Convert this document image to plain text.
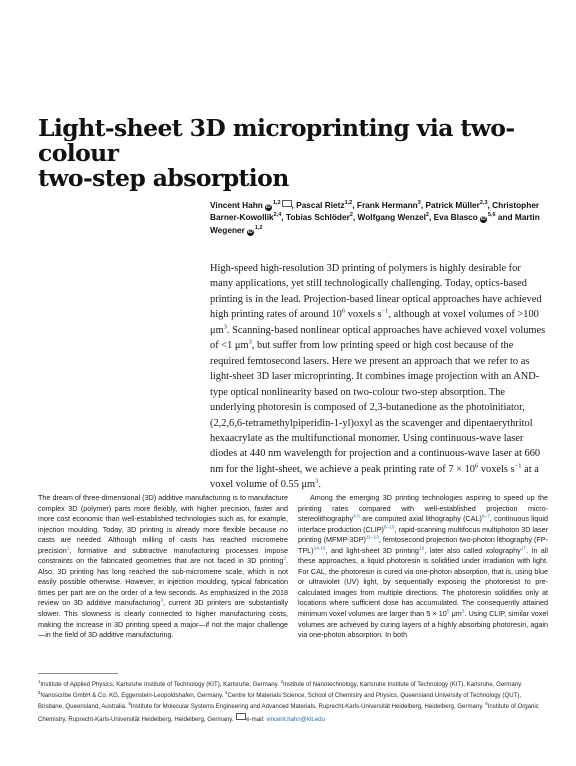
Light-sheet 3D microprinting via two-colour
two-step absorption
Vincent Hahn iD$^{1,2}$ , Pascal Rietz$^{1,2}$, Frank Hermann$^3$, Patrick Müller$^{2,3}$, Christopher Barner-Kowollik$^{2,4}$, Tobias Schlöder$^2$, Wolfgang Wenzel$^2$, Eva Blasco iD$^{5,6}$ and Martin Wegener iD$^{1,2}$

High-speed high-resolution 3D printing of polymers is highly desirable for many applications, yet still technologically challenging. Today, optics-based printing is in the lead. Projection-based linear optical approaches have achieved high printing rates of around $10^6$ voxels $s^{-1}$, although at voxel volumes of >100 $\mu m^3$. Scanning-based nonlinear optical approaches have achieved voxel volumes of <1 $\mu m^3$, but suffer from low printing speed or high cost because of the required femtosecond lasers. Here we present an approach that we refer to as light-sheet 3D laser microprinting. It combines image projection with an AND-type optical nonlinearity based on two-colour two-step absorption. The underlying photoresin is composed of 2,3-butanedione as the photoinitiator, (2,2,6,6-tetramethylpiperidin-1-yl)oxyl as the scavenger and dipentaerythritol hexaacrylate as the multifunctional monomer. Using continuous-wave laser diodes at 440 nm wavelength for projection and a continuous-wave laser at 660 nm for the light-sheet, we achieve a peak printing rate of $7 \times 10^6$ voxels $s^{-1}$ at a voxel volume of 0.55 $\mu m^3$.

The dream of three-dimensional (3D) additive manufacturing is to manufacture complex 3D (polymer) parts more flexibly, with higher precision, faster and more cost economic than well-established technologies such as, for example, injection moulding. Today, 3D printing is already more flexible because no casts are needed. Although milling of casts has reached micrometre precision$^1$, formative and subtractive manufacturing processes impose constraints on the fabricated geometries that are not faced in 3D printing$^2$. Also, 3D printing has long reached the sub-micrometre scale, which is not easily possible otherwise. However, in injection moulding, typical fabrication times per part are on the order of a few seconds. As emphasized in the 2018 review on 3D additive manufacturing$^3$, current 3D printers are substantially slower. This slowness is clearly connected to higher manufacturing costs, making the increase in 3D printing speed a major—if not the major challenge—in the field of 3D additive manufacturing.

Among the emerging 3D printing technologies aspiring to speed up the printing rates compared with well-established projection micro-stereolithography$^{4,5}$ are computed axial lithography (CAL)$^{6-7}$, continuous liquid interface production (CLIP)$^{8-10}$, rapid-scanning multifocus multiphoton 3D laser printing (MFMP-3DP)$^{11-13}$, femtosecond projection two-photon lithography $(FP-TPL)^{14,15}$, and light-sheet 3D printing$^{16}$, later also called xolography$^{17}$. In all these approaches, a liquid photoresin is solidified under irradiation with light. For CAL, the photoresin is cured via one-photon absorption, that is, using blue or ultraviolet (UV) light, by sequentially exposing the photoresist to pre-calculated images from multiple directions. The photoresin solidifies only at locations where sufficient dose has accumulated. The consequently attained minimum voxel volumes are larger than $5 \times 10^5$ $\mu m^3$. Using CLIP, similar voxel volumes are achieved by curing layers of a highly absorbing photoresin, again via one-photon absorption. In both

$^1$Institute of Applied Physics, Karlsruhe Institute of Technology (KIT), Karlsruhe, Germany. $^2$Institute of Nanotechnology, Karlsruhe Institute of Technology (KIT), Karlsruhe, Germany. $^3$Nanoscribe GmbH & Co. KG, Eggenstein-Leopoldshafen, Germany. $^4$Centre for Materials Science, School of Chemistry and Physics, Queensland University of Technology (QUT), Brisbane, Queensland, Australia. $^5$Institute for Molecular Systems Engineering and Advanced Materials, Ruprecht-Karls-Universität Heidelberg, Heidelberg, Germany. $^6$Institute of Organic Chemistry, Ruprecht-Karls-Universität Heidelberg, Heidelberg, Germany. e-mail: vincent.hahn@kit.edu
